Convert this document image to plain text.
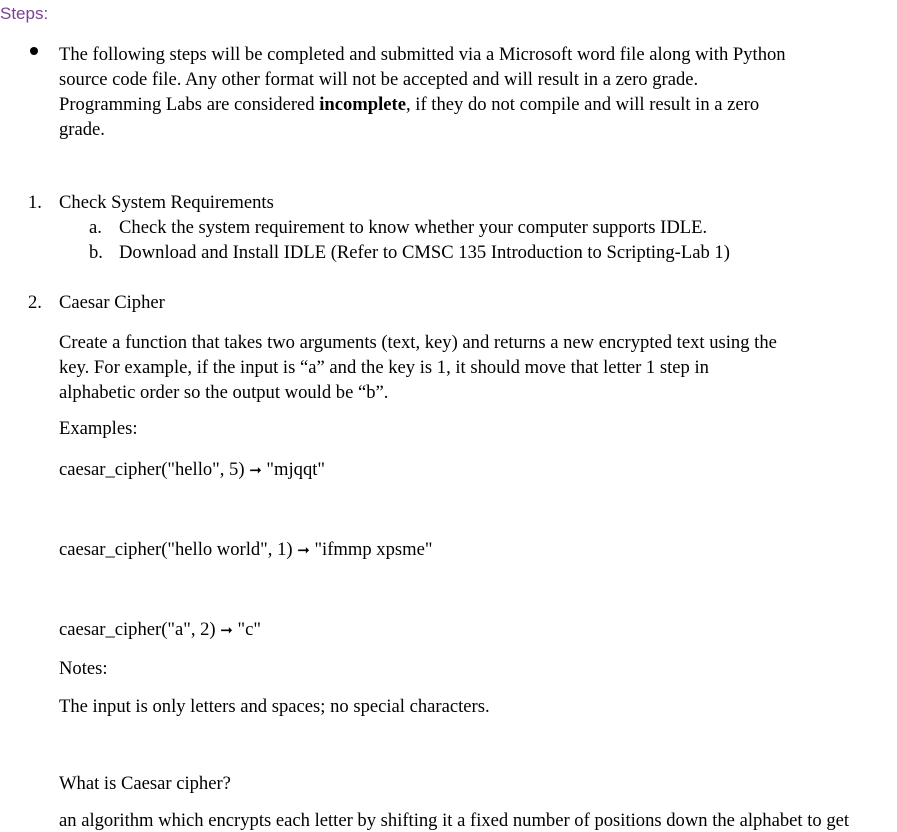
Steps:
The following steps will be completed and submitted via a Microsoft word file along with Python source code file. Any other format will not be accepted and will result in a zero grade. Programming Labs are considered incomplete, if they do not compile and will result in a zero grade.
1. Check System Requirements
a. Check the system requirement to know whether your computer supports IDLE.
b. Download and Install IDLE (Refer to CMSC 135 Introduction to Scripting-Lab 1)
2. Caesar Cipher
Create a function that takes two arguments (text, key) and returns a new encrypted text using the key. For example, if the input is “a” and the key is 1, it should move that letter 1 step in alphabetic order so the output would be “b”.
Examples:
caesar_cipher("hello", 5) ➞ "mjqqt"
caesar_cipher("hello world", 1) ➞ "ifmmp xpsme"
caesar_cipher("a", 2) ➞ "c"
Notes:
The input is only letters and spaces; no special characters.
What is Caesar cipher?
an algorithm which encrypts each letter by shifting it a fixed number of positions down the alphabet to get
